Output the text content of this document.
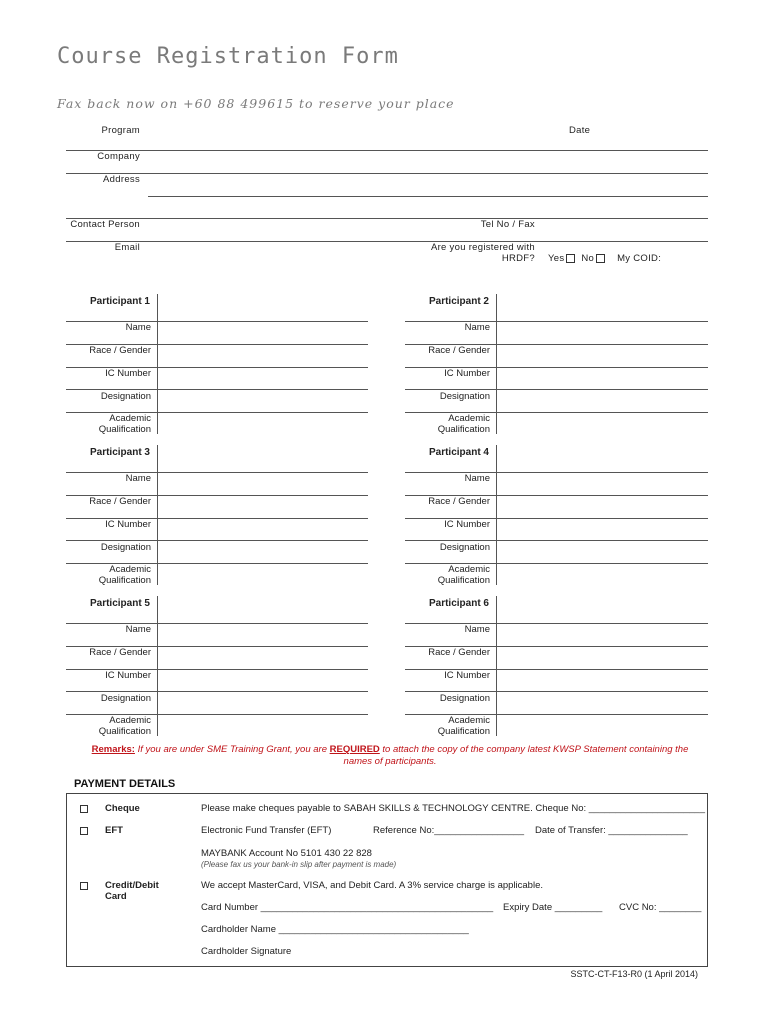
Course Registration Form
Fax back now on +60 88 499615 to reserve your place
Program	Date
Company
Address
Contact Person	Tel No / Fax
Email	Are you registered with
HRDF? Yes No My COID:
Participant 1
Name
Race / Gender
IC Number
Designation
Academic
Qualification
Participant 2
Name
Race / Gender
IC Number
Designation
Academic
Qualification
Participant 3
Name
Race / Gender
IC Number
Designation
Academic
Qualification
Participant 4
Name
Race / Gender
IC Number
Designation
Academic
Qualification
Participant 5
Name
Race / Gender
IC Number
Designation
Academic
Qualification
Participant 6
Name
Race / Gender
IC Number
Designation
Academic
Qualification
Remarks: If you are under SME Training Grant, you are REQUIRED to attach the copy of the company latest KWSP Statement containing the
names of participants.
PAYMENT DETAILS
Cheque	Please make cheques payable to SABAH SKILLS & TECHNOLOGY CENTRE. Cheque No: ______________________
EFT	Electronic Fund Transfer (EFT)	Reference No:_________________ Date of Transfer: _______________
MAYBANK Account No 5101 430 22 828
(Please fax us your bank-in slip after payment is made)
Credit/Debit
Card
We accept MasterCard, VISA, and Debit Card. A 3% service charge is applicable.
Card Number ____________________________________________ Expiry Date _________ CVC No: ________
Cardholder Name ____________________________________
Cardholder Signature
SSTC-CT-F13-R0 (1 April 2014)
